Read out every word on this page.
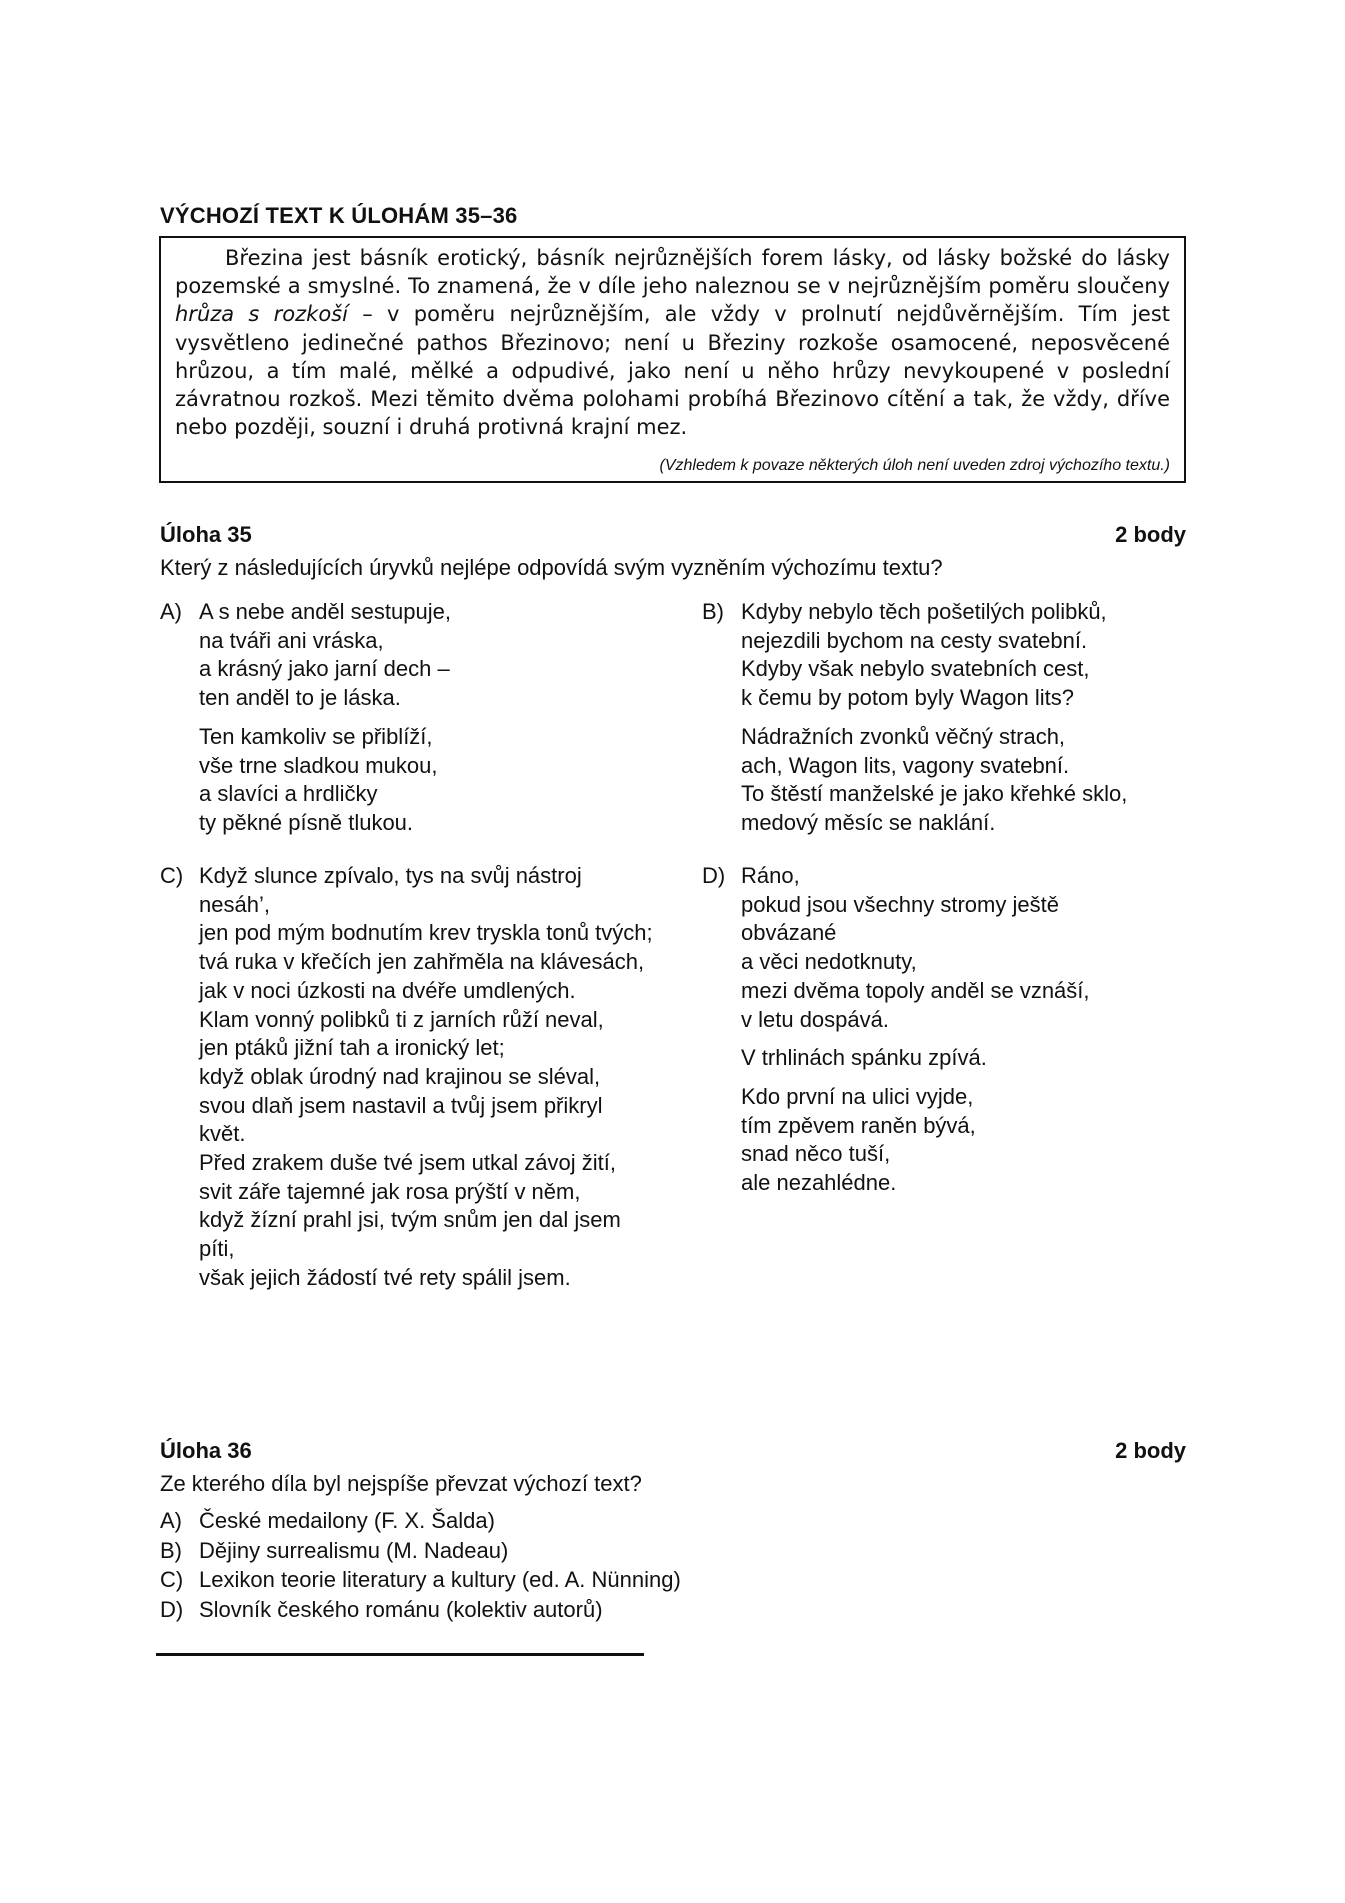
VÝCHOZÍ TEXT K ÚLOHÁM 35–36

Březina jest básník erotický, básník nejrůznějších forem lásky, od lásky božské do lásky pozemské a smyslné. To znamená, že v díle jeho naleznou se v nejrůznějším poměru sloučeny hrůza s rozkoší – v poměru nejrůznějším, ale vždy v prolnutí nejdůvěrnějším. Tím jest vysvětleno jedinečné pathos Březinovo; není u Březiny rozkoše osamocené, neposvěcené hrůzou, a tím malé, mělké a odpudivé, jako není u něho hrůzy nevykoupené v poslední závratnou rozkoš. Mezi těmito dvěma polohami probíhá Březinovo cítění a tak, že vždy, dříve nebo později, souzní i druhá protivná krajní mez.

(Vzhledem k povaze některých úloh není uveden zdroj výchozího textu.)
Úloha 35	2 body
Který z následujících úryvků nejlépe odpovídá svým vyzněním výchozímu textu?
A) A s nebe anděl sestupuje,
na tváři ani vráska,
a krásný jako jarní dech –
ten anděl to je láska.
Ten kamkoliv se přiblíží,
vše trne sladkou mukou,
a slavíci a hrdličky
ty pěkné písně tlukou.
B) Kdyby nebylo těch pošetilých polibků,
nejezdili bychom na cesty svatební.
Kdyby však nebylo svatebních cest,
k čemu by potom byly Wagon lits?
Nádražních zvonků věčný strach,
ach, Wagon lits, vagony svatební.
To štěstí manželské je jako křehké sklo,
medový měsíc se naklání.
C) Když slunce zpívalo, tys na svůj nástroj nesáh’,
jen pod mým bodnutím krev tryskla tonů tvých;
tvá ruka v křečích jen zahřměla na klávesách,
jak v noci úzkosti na dvéře umdlených.
Klam vonný polibků ti z jarních růží neval,
jen ptáků jižní tah a ironický let;
když oblak úrodný nad krajinou se sléval,
svou dlaň jsem nastavil a tvůj jsem přikryl květ.
Před zrakem duše tvé jsem utkal závoj žití,
svit záře tajemné jak rosa prýští v něm,
když žízní prahl jsi, tvým snům jen dal jsem píti,
však jejich žádostí tvé rety spálil jsem.
D) Ráno,
pokud jsou všechny stromy ještě obvázané
a věci nedotknuty,
mezi dvěma topoly anděl se vznáší,
v letu dospává.
V trhlinách spánku zpívá.
Kdo první na ulici vyjde,
tím zpěvem raněn bývá,
snad něco tuší,
ale nezahlédne.
Úloha 36	2 body
Ze kterého díla byl nejspíše převzat výchozí text?
A) České medailony (F. X. Šalda)
B) Dějiny surrealismu (M. Nadeau)
C) Lexikon teorie literatury a kultury (ed. A. Nünning)
D) Slovník českého románu (kolektiv autorů)
